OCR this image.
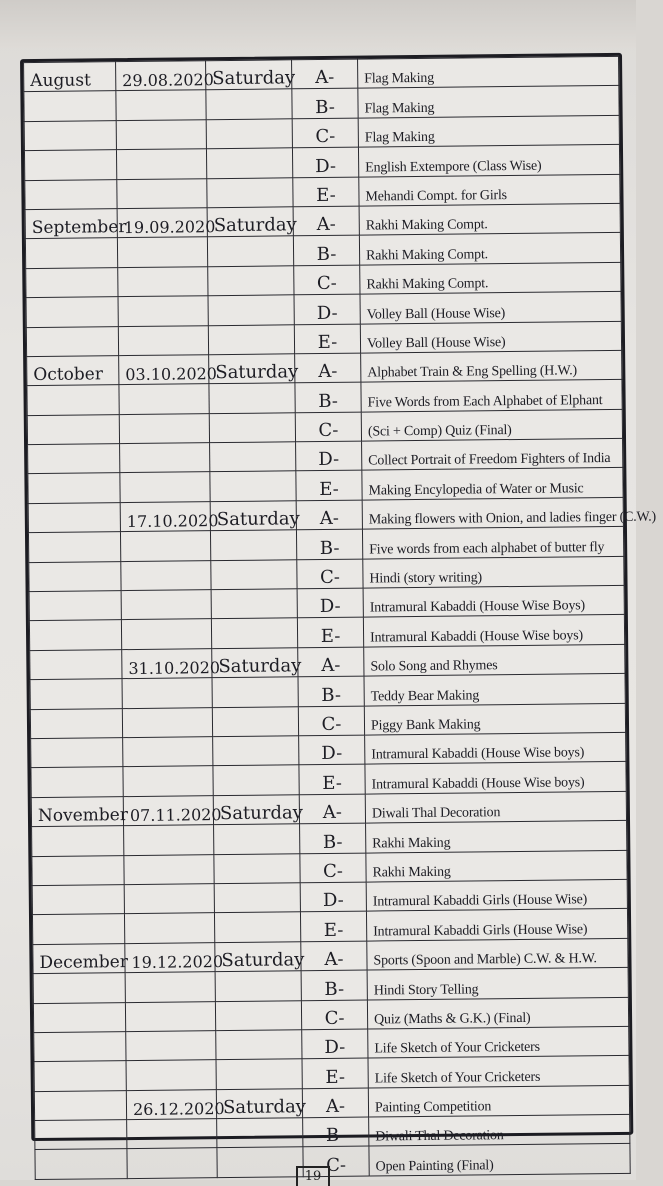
August	29.08.2020	Saturday	A-	Flag Making
			B-	Flag Making
			C-	Flag Making
			D-	English Extempore (Class Wise)
			E-	Mehandi Compt. for Girls
September	19.09.2020	Saturday	A-	Rakhi Making Compt.
			B-	Rakhi Making Compt.
			C-	Rakhi Making Compt.
			D-	Volley Ball (House Wise)
			E-	Volley Ball (House Wise)
October	03.10.2020	Saturday	A-	Alphabet Train & Eng Spelling (H.W.)
			B-	Five Words from Each Alphabet of Elphant
			C-	(Sci + Comp) Quiz (Final)
			D-	Collect Portrait of Freedom Fighters of India
			E-	Making Encylopedia of Water or Music
	17.10.2020	Saturday	A-	Making flowers with Onion, and ladies finger (C.W.)
			B-	Five words from each alphabet of butter fly
			C-	Hindi (story writing)
			D-	Intramural Kabaddi (House Wise Boys)
			E-	Intramural Kabaddi (House Wise boys)
	31.10.2020	Saturday	A-	Solo Song and Rhymes
			B-	Teddy Bear Making
			C-	Piggy Bank Making
			D-	Intramural Kabaddi (House Wise boys)
			E-	Intramural Kabaddi (House Wise boys)
November	07.11.2020	Saturday	A-	Diwali Thal Decoration
			B-	Rakhi Making
			C-	Rakhi Making
			D-	Intramural Kabaddi Girls (House Wise)
			E-	Intramural Kabaddi Girls (House Wise)
December	19.12.2020	Saturday	A-	Sports (Spoon and Marble) C.W. & H.W.
			B-	Hindi Story Telling
			C-	Quiz (Maths & G.K.) (Final)
			D-	Life Sketch of Your Cricketers
			E-	Life Sketch of Your Cricketers
	26.12.2020	Saturday	A-	Painting Competition
			B-	Diwali Thal Decoration
			C-	Open Painting (Final)
19
